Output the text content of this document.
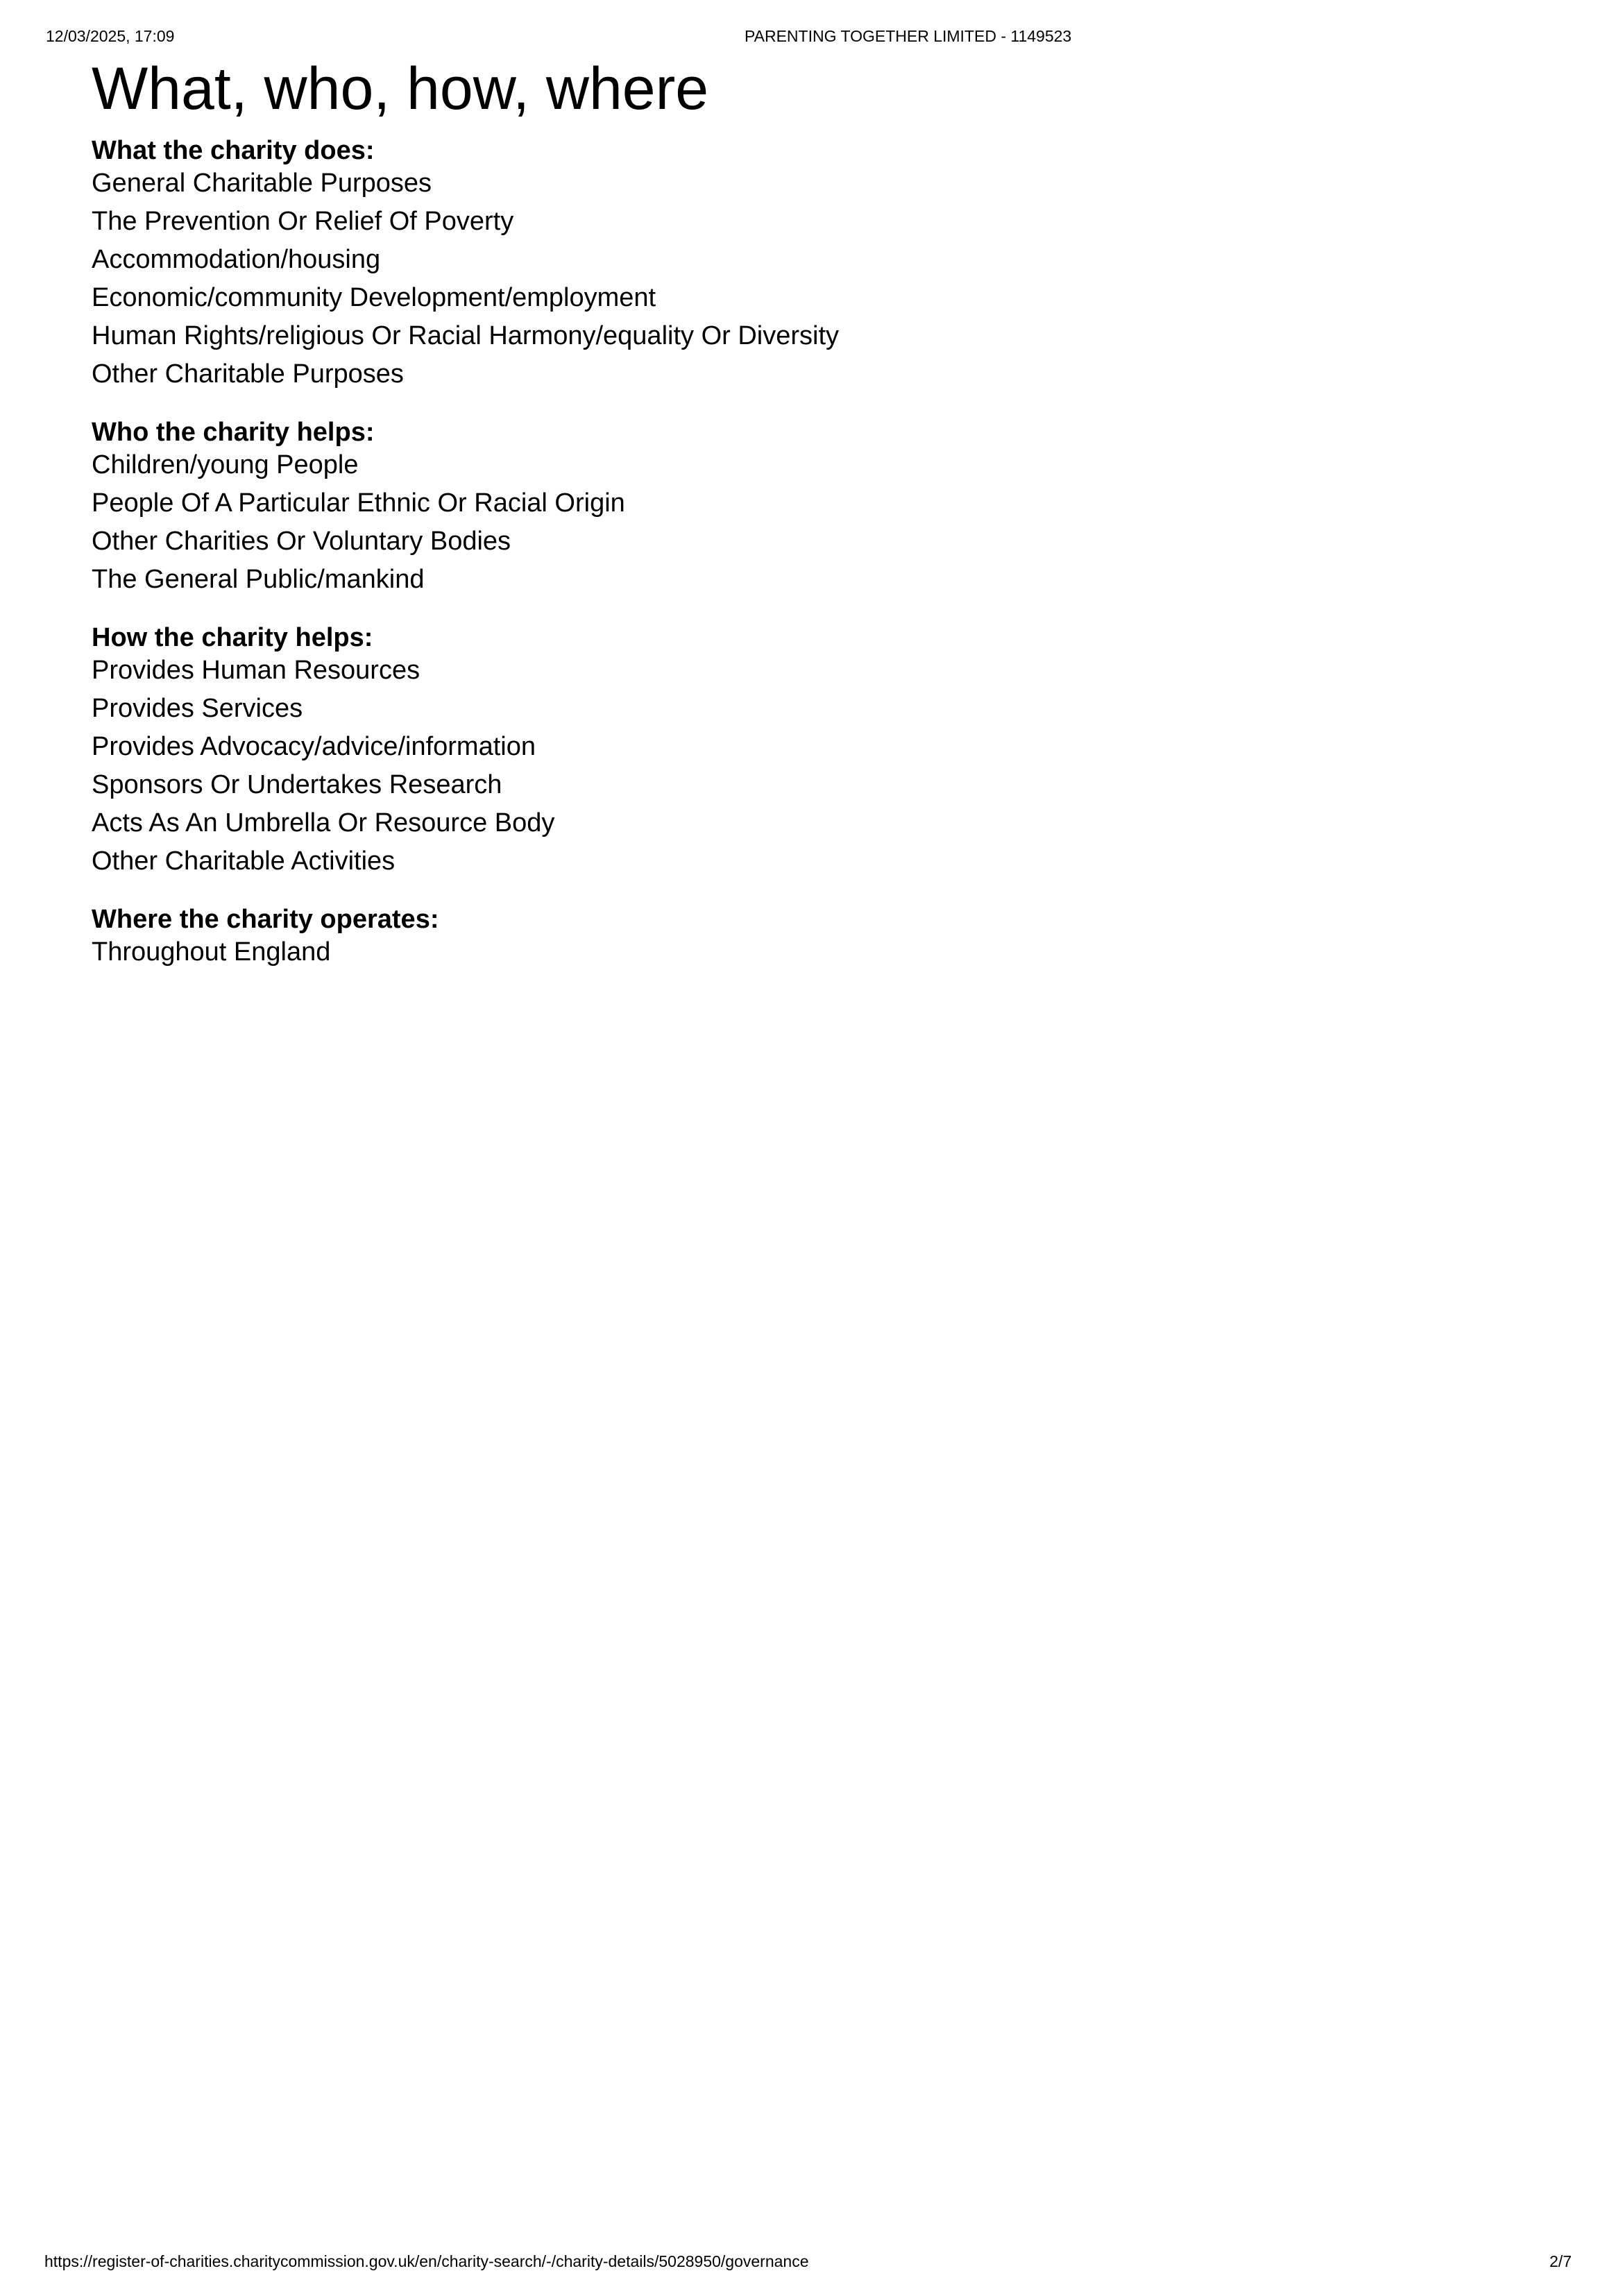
12/03/2025, 17:09	PARENTING TOGETHER LIMITED - 1149523
What, who, how, where
What the charity does:

General Charitable Purposes

The Prevention Or Relief Of Poverty

Accommodation/housing

Economic/community Development/employment

Human Rights/religious Or Racial Harmony/equality Or Diversity

Other Charitable Purposes

Who the charity helps:

Children/young People

People Of A Particular Ethnic Or Racial Origin

Other Charities Or Voluntary Bodies

The General Public/mankind

How the charity helps:

Provides Human Resources

Provides Services

Provides Advocacy/advice/information

Sponsors Or Undertakes Research

Acts As An Umbrella Or Resource Body

Other Charitable Activities

Where the charity operates:

Throughout England

https://register-of-charities.charitycommission.gov.uk/en/charity-search/-/charity-details/5028950/governance	2/7
